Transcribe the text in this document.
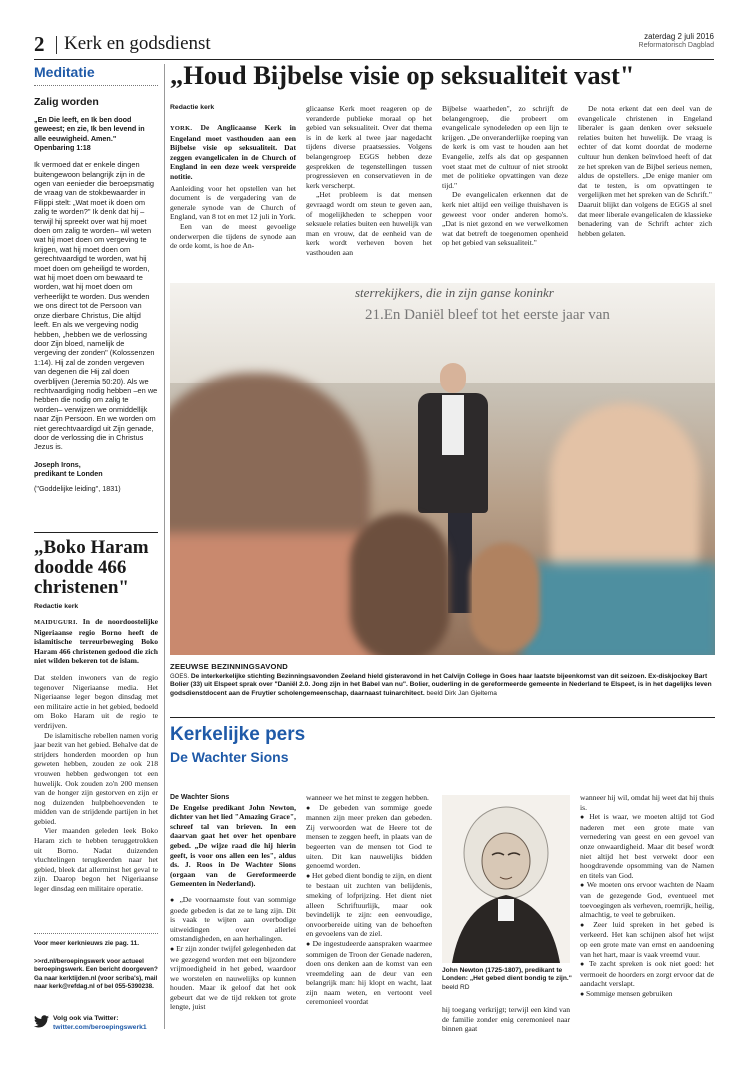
2 Kerk en godsdienst	zaterdag 2 juli 2016
Reformatorisch Dagblad
Meditatie
Zalig worden
„En Die leeft, en Ik ben dood geweest; en zie, Ik ben levend in alle eeuwigheid. Amen." Openbaring 1:18
Ik vermoed dat er enkele dingen buitengewoon belangrijk zijn in de ogen van eenieder die beroepsmatig de vraag van de stokbewaarder in Filippi stelt: „Wat moet ik doen om zalig te worden?" Ik denk dat hij –terwijl hij spreekt over wat hij moet doen om zalig te worden– wil weten wat hij moet doen om vergeving te krijgen, wat hij moet doen om gerechtvaardigd te worden, wat hij moet doen om geheiligd te worden, wat hij moet doen om bewaard te worden, wat hij moet doen om verheerlijkt te worden. Dus wenden we ons direct tot de Persoon van onze dierbare Christus, Die altijd leeft. En als we vergeving nodig hebben, „hebben we de verlossing door Zijn bloed, namelijk de vergeving der zonden" (Kolossenzen 1:14). Hij zal de zonden vergeven van degenen die Hij zal doen overblijven (Jeremia 50:20). Als we rechtvaardiging nodig hebben –en we hebben die nodig om zalig te worden– verwijzen we onmiddellijk naar Zijn Persoon. En we worden om niet gerechtvaardigd uit Zijn genade, door de verlossing die in Christus Jezus is.
Joseph Irons,
predikant te Londen
("Goddelijke leiding", 1831)
„Boko Haram doodde 466 christenen"
Redactie kerk

MAIDUGURI. In de noordoostelijke Nigeriaanse regio Borno heeft de islamitische terreurbeweging Boko Haram 466 christenen gedood die zich niet wilden bekeren tot de islam.

Dat stelden inwoners van de regio tegenover Nigeriaanse media. Het Nigeriaanse leger begon dinsdag met een militaire actie in het gebied, bedoeld om Boko Haram uit de regio te verdrijven.

De islamitische rebellen namen vorig jaar bezit van het gebied. Behalve dat de strijders honderden moorden op hun geweten hebben, zouden ze ook 218 vrouwen hebben gedwongen tot een huwelijk. Ook zouden zo'n 200 mensen van de honger zijn gestorven en zijn er nog duizenden hulpbehoevenden te midden van de strijdende partijen in het gebied.

Vier maanden geleden leek Boko Haram zich te hebben teruggetrokken uit Borno. Nadat duizenden vluchtelingen terugkeerden naar het gebied, bleek dat allerminst het geval te zijn. Daarop begon het Nigeriaanse leger dinsdag een militaire operatie.

Voor meer kerknieuws zie pag. 11.
>>rd.nl/beroepingswerk voor actueel beroepingswerk. Een bericht doorgeven? Ga naar kerktijden.nl (voor scriba's), mail naar kerk@refdag.nl of bel 055-5390238.
Volg ook via Twitter:
twitter.com/beroepingswerk1
„Houd Bijbelse visie op seksualiteit vast"
Redactie kerk

YORK. De Anglicaanse Kerk in Engeland moet vasthouden aan een Bijbelse visie op seksualiteit. Dat zeggen evangelicalen in de Church of England in een deze week verspreide notitie.

Aanleiding voor het opstellen van het document is de vergadering van de generale synode van de Church of England, van 8 tot en met 12 juli in York.

Een van de meest gevoelige onderwerpen die tijdens de synode aan de orde komt, is hoe de An-

glicaanse Kerk moet reageren op de veranderde publieke moraal op het gebied van seksualiteit. Over dat thema is in de kerk al twee jaar nagedacht tijdens diverse praatsessies. Volgens belangengroep EGGS hebben deze gesprekken de tegenstellingen tussen progressieven en conservatieven in de kerk verscherpt.

„Het probleem is dat mensen gevraagd wordt om steun te geven aan, of mogelijkheden te scheppen voor seksuele relaties buiten een huwelijk van man en vrouw, dat de eenheid van de kerk wordt verheven boven het vasthouden aan

Bijbelse waarheden", zo schrijft de belangengroep, die probeert om evangelicale synodeleden op een lijn te krijgen. „De onveranderlijke roeping van de kerk is om vast te houden aan het Evangelie, zelfs als dat op gespannen voet staat met de cultuur of niet strookt met de politieke opvattingen van deze tijd."

De evangelicalen erkennen dat de kerk niet altijd een veilige thuishaven is geweest voor onder anderen homo's. „Dat is niet gezond en we verwelkomen wat dat betreft de toegenomen openheid op het gebied van seksualiteit."

De nota erkent dat een deel van de evangelicale christenen in Engeland liberaler is gaan denken over seksuele relaties buiten het huwelijk. De vraag is echter of dat komt doordat de moderne cultuur hun denken beïnvloed heeft of dat ze het spreken van de Bijbel serieus nemen, aldus de opstellers. „De enige manier om dat te testen, is om opvattingen te vergelijken met het spreken van de Schrift." Daaruit blijkt dan volgens de EGGS al snel dat meer liberale evangelicalen de klassieke benadering van de Schrift achter zich hebben gelaten.

sterrekijkers, die in zijn ganse koninkr
21.En Daniël bleef tot het eerste jaar van
ZEEUWSE BEZINNINGSAVOND
GOES. De interkerkelijke stichting Bezinningsavonden Zeeland hield gisteravond in het Calvijn College in Goes haar laatste bijeenkomst van dit seizoen. Ex-diskjockey Bart Bolier (33) uit Elspeet sprak over "Daniël 2.0. Jong zijn in het Babel van nu". Bolier, ouderling in de gereformeerde gemeente in Nederland te Elspeet, is in het dagelijks leven godsdienstdocent aan de Fruytier scholengemeenschap, daarnaast tuinarchitect. beeld Dirk Jan Gjeltema
Kerkelijke pers
De Wachter Sions

De Wachter Sions

De Engelse predikant John Newton, dichter van het lied "Amazing Grace", schreef tal van brieven. In een daarvan gaat het over het openbare gebed. „De wijze raad die hij hierin geeft, is voor ons allen een les", aldus ds. J. Roos in De Wachter Sions (orgaan van de Gereformeerde Gemeenten in Nederland).

● „De voornaamste fout van sommige goede gebeden is dat ze te lang zijn. Dit is vaak te wijten aan overbodige uitweidingen over allerlei omstandigheden, en aan herhalingen.

● Er zijn zonder twijfel gelegenheden dat we gezegend worden met een bijzondere vrijmoedigheid in het gebed, waardoor we worstelen en nauwelijks op kunnen houden. Maar ik geloof dat het ook gebeurt dat we de tijd rekken tot grote lengte, juist

wanneer we het minst te zeggen hebben.

● De gebeden van sommige goede mannen zijn meer preken dan gebeden. Zij verwoorden wat de Heere tot de mensen te zeggen heeft, in plaats van de begeerten van de mensen tot God te uiten. Dit kan nauwelijks bidden genoemd worden.

● Het gebed dient bondig te zijn, en dient te bestaan uit zuchten van belijdenis, smeking of lofprijzing. Het dient niet alleen Schriftuurlijk, maar ook bevindelijk te zijn: een eenvoudige, onvoorbereide uiting van de behoeften en gevoelens van de ziel.

● De ingestudeerde aanspraken waarmee sommigen de Troon der Genade naderen, doen ons denken aan de komst van een vreemdeling aan de deur van een belangrijk man: hij klopt en wacht, laat zijn naam weten, en vertoont veel ceremonieel voordat

John Newton (1725-1807), predikant te Londen: „Het gebed dient bondig te zijn." beeld RD

hij toegang verkrijgt; terwijl een kind van de familie zonder enig ceremonieel naar binnen gaat

wanneer hij wil, omdat hij weet dat hij thuis is.

● Het is waar, we moeten altijd tot God naderen met een grote mate van vernedering van geest en een gevoel van onze onwaardigheid. Maar dit besef wordt niet altijd het best verwekt door een hoogdravende opsomming van de Namen en titels van God.

● We moeten ons ervoor wachten de Naam van de gezegende God, eventueel met toevoegingen als verheven, roemrijk, heilig, almachtig, te veel te gebruiken.

● Zeer luid spreken in het gebed is verkeerd. Het kan schijnen alsof het wijst op een grote mate van ernst en aandoening van het hart, maar is vaak vreemd vuur.

● Te zacht spreken is ook niet goed: het vermoeit de hoorders en zorgt ervoor dat de aandacht verslapt.

● Sommige mensen gebruiken
